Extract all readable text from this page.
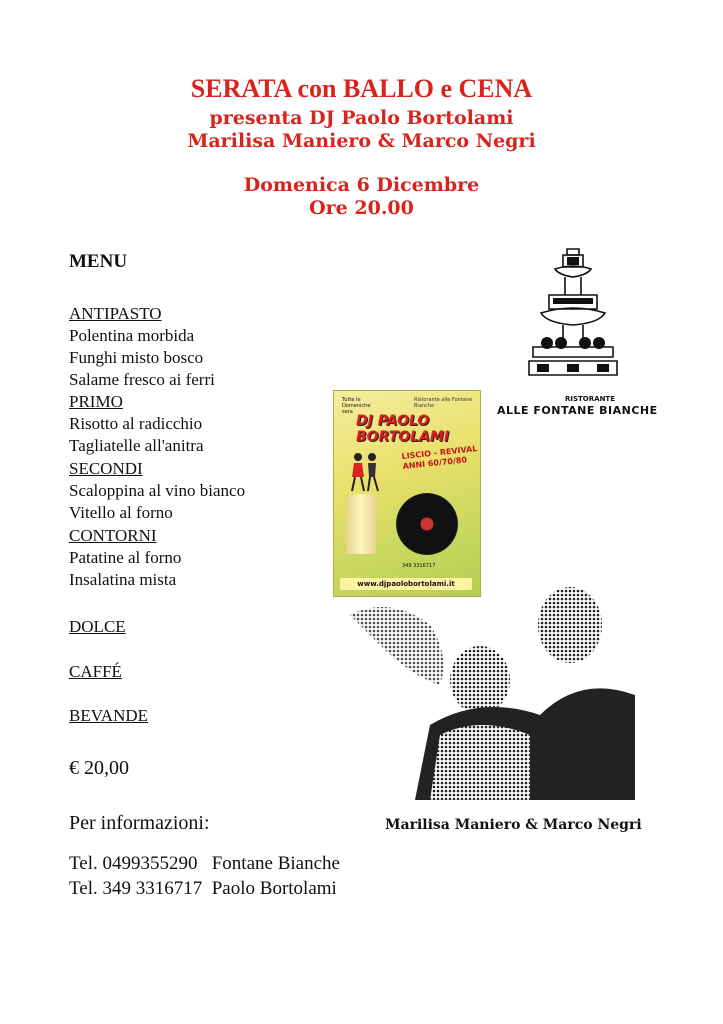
SERATA con BALLO e CENA
presenta DJ Paolo Bortolami
Marilisa Maniero & Marco Negri
Domenica 6 Dicembre
Ore 20.00
MENU
ANTIPASTO
Polentina morbida
Funghi misto bosco
Salame fresco ai ferri
PRIMO
Risotto al radicchio
Tagliatelle all'anitra
SECONDI
Scaloppina al vino bianco
Vitello al forno
CONTORNI
Patatine al forno
Insalatina mista
DOLCE
CAFFÉ
BEVANDE
€ 20,00
Per informazioni:
Tel. 0499355290   Fontane Bianche
Tel. 349 3316717  Paolo Bortolami
RISTORANTE
ALLE FONTANE BIANCHE
Tutte le Domeniche sera
Ristorante alle Fontane Bianche
DJ PAOLO BORTOLAMI
LISCIO - REVIVAL ANNI 60/70/80
349 3316717
www.djpaolobortolami.it
Marilisa Maniero & Marco Negri
